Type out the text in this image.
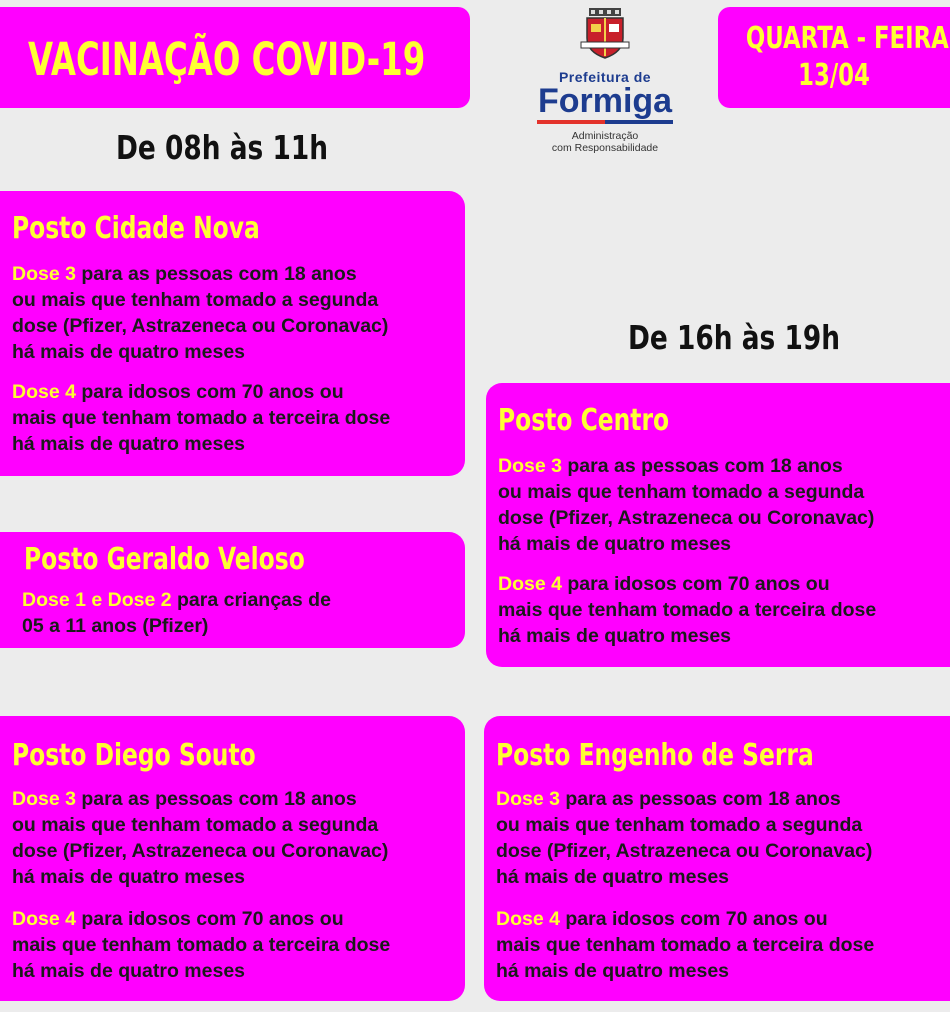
VACINAÇÃO COVID-19	QUARTA - FEIRA
13/04
Prefeitura de
Formiga
Administração
com Responsabilidade
De 08h às 11h
De 16h às 19h
Posto Cidade Nova
Dose 3 para as pessoas com 18 anos
ou mais que tenham tomado a segunda
dose (Pfizer, Astrazeneca ou Coronavac)
há mais de quatro meses
Dose 4 para idosos com 70 anos ou
mais que tenham tomado a terceira dose
há mais de quatro meses
Posto Geraldo Veloso
Dose 1 e Dose 2 para crianças de
05 a 11 anos (Pfizer)
Posto Diego Souto
Dose 3 para as pessoas com 18 anos
ou mais que tenham tomado a segunda
dose (Pfizer, Astrazeneca ou Coronavac)
há mais de quatro meses
Dose 4 para idosos com 70 anos ou
mais que tenham tomado a terceira dose
há mais de quatro meses
Posto Centro
Dose 3 para as pessoas com 18 anos
ou mais que tenham tomado a segunda
dose (Pfizer, Astrazeneca ou Coronavac)
há mais de quatro meses
Dose 4 para idosos com 70 anos ou
mais que tenham tomado a terceira dose
há mais de quatro meses
Posto Engenho de Serra
Dose 3 para as pessoas com 18 anos
ou mais que tenham tomado a segunda
dose (Pfizer, Astrazeneca ou Coronavac)
há mais de quatro meses
Dose 4 para idosos com 70 anos ou
mais que tenham tomado a terceira dose
há mais de quatro meses
